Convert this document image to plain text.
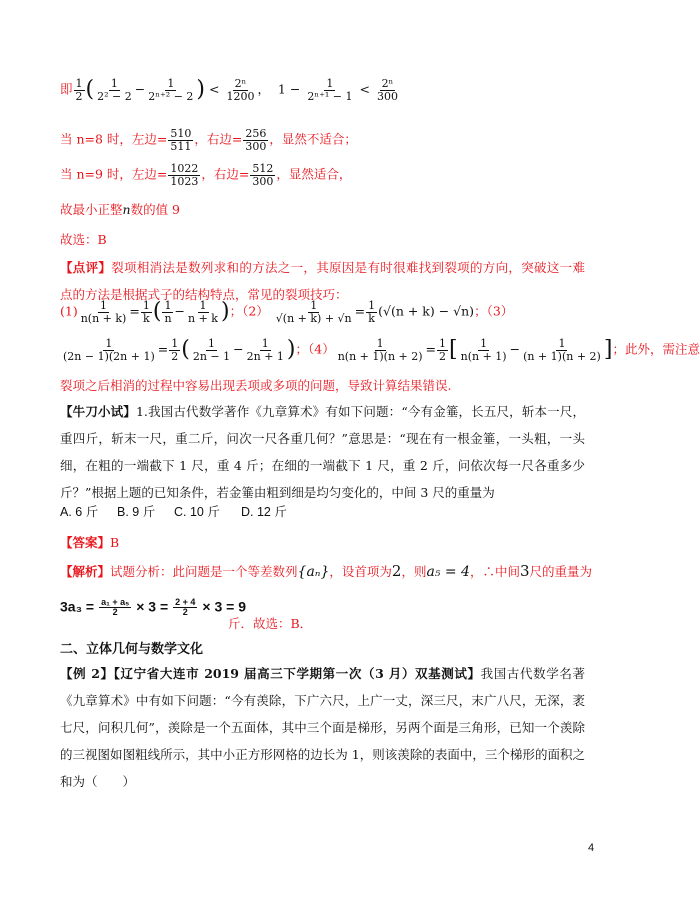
即 $\frac{1}{2}$ ( $\frac{1}{\text{2² − 2}} - \frac{1}{\text{2ⁿ⁺² − 2}}$ ) < $\frac{\text{2ⁿ}}{1200}$ ， $1 - \frac{1}{\text{2ⁿ⁺¹ − 1}} < \frac{\text{2ⁿ}}{300}$
当 n=8 时，左边= $\frac{510}{511}$ ，右边= $\frac{256}{300}$ ，显然不适合；
当 n=9 时，左边= $\frac{1022}{1023}$ ，右边= $\frac{512}{300}$ ，显然适合，
故最小正整n数的值 9
故选：B
【点评】裂项相消法是数列求和的方法之一，其原因是有时很难找到裂项的方向，突破这一难点的方法是根据式子的结构特点，常见的裂项技巧：
$(1) \frac{1}{n(n + k)} = \frac{1}{k}$ ( $\frac{1}{n} - \frac{1}{n + k}$ )；$(2) \frac{1}{√(n + k) + √n} = \frac{1}{k} (√(n + k) - √n)$；（3）
$\frac{1}{(2n - 1)(2n + 1)} = \frac{1}{2}$ ( $\frac{1}{2n - 1} - \frac{1}{2n + 1}$ )；$(4) \frac{1}{n(n + 1)(n + 2)} = \frac{1}{2}$ [ $\frac{1}{n(n + 1)} - \frac{1}{(n + 1)(n + 2)}$ ]；此外，需注意
裂项之后相消的过程中容易出现丢项或多项的问题，导致计算结果错误.
【牛刀小试】1.我国古代数学著作《九章算术》有如下问题：“今有金箠，长五尺，斩本一尺，重四斤，斩末一尺，重二斤，问次一尺各重几何？”意思是：“现在有一根金箠，一头粗，一头细，在粗的一端截下 1 尺，重 4 斤；在细的一端截下 1 尺，重 2 斤，问依次每一尺各重多少斤？”根据上题的已知条件，若金箠由粗到细是均匀变化的，中间 3 尺的重量为
A. 6 斤 B. 9 斤 C. 10 斤 D. 12 斤
【答案】B
【解析】试题分析：此问题是一个等差数列{aₙ}，设首项为2，则a₅ = 4，∴中间3尺的重量为
$3a_3 = \frac{\text{a₁ + a₅}}{2} \times 3 = \frac{2 + 4}{2} \times 3 = 9$
斤．故选：B．
二、立体几何与数学文化
【例 2】【辽宁省大连市 2019 届高三下学期第一次（3 月）双基测试】我国古代数学名著《九章算术》中有如下问题：“今有羡除，下广六尺，上广一丈，深三尺，末广八尺，无深，袤七尺，问积几何”，羡除是一个五面体，其中三个面是梯形，另两个面是三角形，已知一个羡除的三视图如图粗线所示，其中小正方形网格的边长为 1，则该羡除的表面中，三个梯形的面积之和为（　　）
4
